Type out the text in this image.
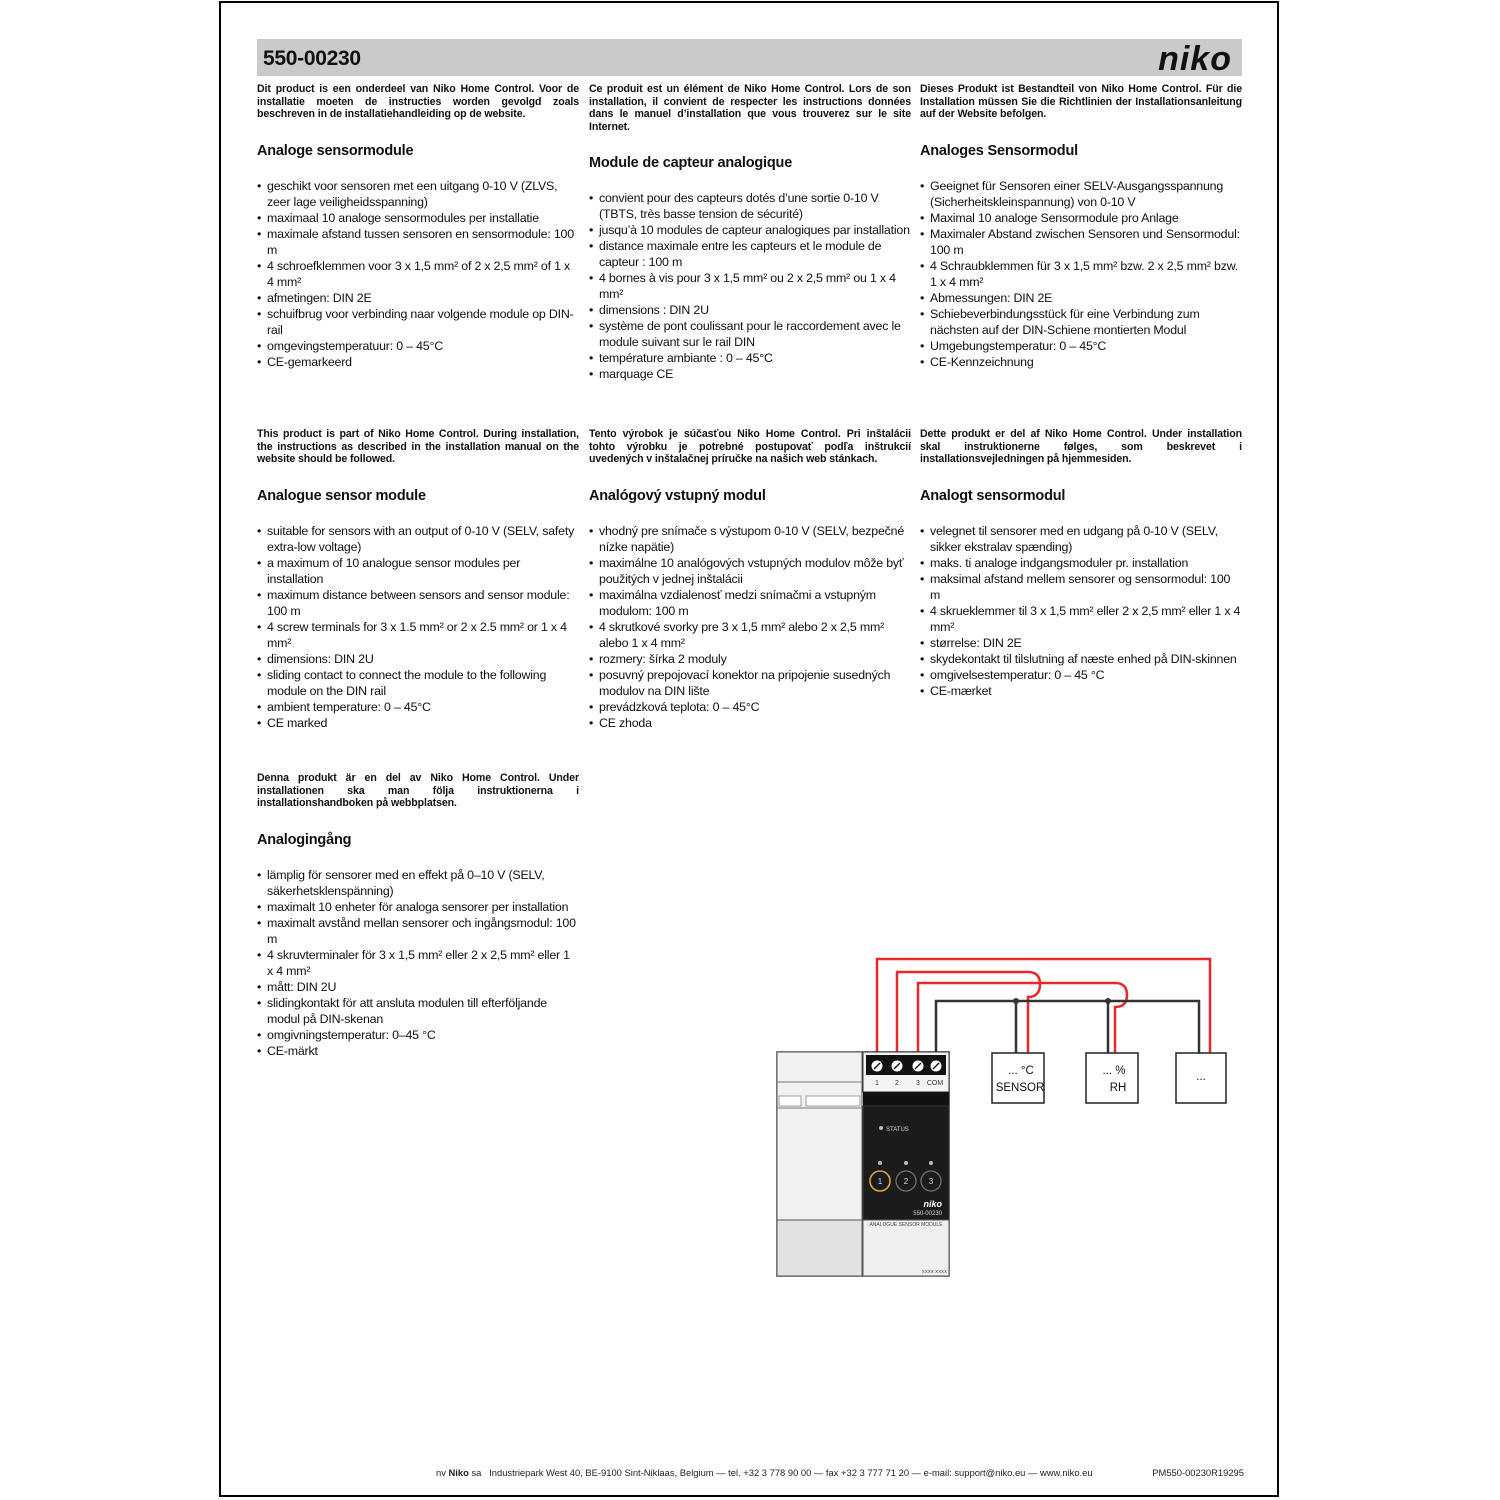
550-00230	niko
Dit product is een onderdeel van Niko Home Control. Voor de installatie moeten de instructies worden gevolgd zoals beschreven in de installatiehandleiding op de website.
Analoge sensormodule
• geschikt voor sensoren met een uitgang 0-10 V (ZLVS, zeer lage veiligheidsspanning)
• maximaal 10 analoge sensormodules per installatie
• maximale afstand tussen sensoren en sensormodule: 100 m
• 4 schroefklemmen voor 3 x 1,5 mm² of 2 x 2,5 mm² of 1 x 4 mm²
• afmetingen: DIN 2E
• schuifbrug voor verbinding naar volgende module op DIN-rail
• omgevingstemperatuur: 0 – 45°C
• CE-gemarkeerd
Ce produit est un élément de Niko Home Control. Lors de son installation, il convient de respecter les instructions données dans le manuel d’installation que vous trouverez sur le site Internet.
Module de capteur analogique
• convient pour des capteurs dotés d’une sortie 0-10 V (TBTS, très basse tension de sécurité)
• jusqu’à 10 modules de capteur analogiques par installation
• distance maximale entre les capteurs et le module de capteur : 100 m
• 4 bornes à vis pour 3 x 1,5 mm² ou 2 x 2,5 mm² ou 1 x 4 mm²
• dimensions : DIN 2U
• système de pont coulissant pour le raccordement avec le module suivant sur le rail DIN
• température ambiante : 0 – 45°C
• marquage CE
Dieses Produkt ist Bestandteil von Niko Home Control. Für die Installation müssen Sie die Richtlinien der Installationsanleitung auf der Website befolgen.
Analoges Sensormodul
• Geeignet für Sensoren einer SELV-Ausgangsspannung (Sicherheitskleinspannung) von 0-10 V
• Maximal 10 analoge Sensormodule pro Anlage
• Maximaler Abstand zwischen Sensoren und Sensormodul: 100 m
• 4 Schraubklemmen für 3 x 1,5 mm² bzw. 2 x 2,5 mm² bzw. 1 x 4 mm²
• Abmessungen: DIN 2E
• Schiebeverbindungsstück für eine Verbindung zum nächsten auf der DIN-Schiene montierten Modul
• Umgebungstemperatur: 0 – 45°C
• CE-Kennzeichnung
This product is part of Niko Home Control. During installation, the instructions as described in the installation manual on the website should be followed.
Analogue sensor module
• suitable for sensors with an output of 0-10 V (SELV, safety extra-low voltage)
• a maximum of 10 analogue sensor modules per installation
• maximum distance between sensors and sensor module: 100 m
• 4 screw terminals for 3 x 1.5 mm² or 2 x 2.5 mm² or 1 x 4 mm²
• dimensions: DIN 2U
• sliding contact to connect the module to the following module on the DIN rail
• ambient temperature: 0 – 45°C
• CE marked
Tento výrobok je súčasťou Niko Home Control. Pri inštalácii tohto výrobku je potrebné postupovať podľa inštrukcií uvedených v inštalačnej príručke na našich web stánkach.
Analógový vstupný modul
• vhodný pre snímače s výstupom 0-10 V (SELV, bezpečné nízke napätie)
• maximálne 10 analógových vstupných modulov môže byť použitých v jednej inštalácii
• maximálna vzdialenosť medzi snímačmi a vstupným modulom: 100 m
• 4 skrutkové svorky pre 3 x 1,5 mm² alebo 2 x 2,5 mm² alebo 1 x 4 mm²
• rozmery: šírka 2 moduly
• posuvný prepojovací konektor na pripojenie susedných modulov na DIN lište
• prevádzková teplota: 0 – 45°C
• CE zhoda
Dette produkt er del af Niko Home Control. Under installation skal instruktionerne følges, som beskrevet i installationsvejledningen på hjemmesiden.
Analogt sensormodul
• velegnet til sensorer med en udgang på 0-10 V (SELV, sikker ekstralav spænding)
• maks. ti analoge indgangsmoduler pr. installation
• maksimal afstand mellem sensorer og sensormodul: 100 m
• 4 skrueklemmer til 3 x 1,5 mm² eller 2 x 2,5 mm² eller 1 x 4 mm²
• størrelse: DIN 2E
• skydekontakt til tilslutning af næste enhed på DIN-skinnen
• omgivelsestemperatur: 0 – 45 °C
• CE-mærket
Denna produkt är en del av Niko Home Control. Under installationen ska man följa instruktionerna i installationshandboken på webbplatsen.
Analogingång
• lämplig för sensorer med en effekt på 0–10 V (SELV, säkerhetsklenspänning)
• maximalt 10 enheter för analoga sensorer per installation
• maximalt avstånd mellan sensorer och ingångsmodul: 100 m
• 4 skruvterminaler för 3 x 1,5 mm² eller 2 x 2,5 mm² eller 1 x 4 mm²
• mått: DIN 2U
• slidingkontakt för att ansluta modulen till efterföljande modul på DIN-skenan
• omgivningstemperatur: 0–45 °C
• CE-märkt
1 2 3 COM
STATUS
1	2	3
niko
550-00230
ANALOGUE SENSOR MODULE
XXXX XXXX
... °C
SENSOR
... %
RH
...
nv Niko sa Industriepark West 40, BE-9100 Sint-Niklaas, Belgium — tel. +32 3 778 90 00 — fax +32 3 777 71 20 — e-mail: support@niko.eu — www.niko.eu	PM550-00230R19295
